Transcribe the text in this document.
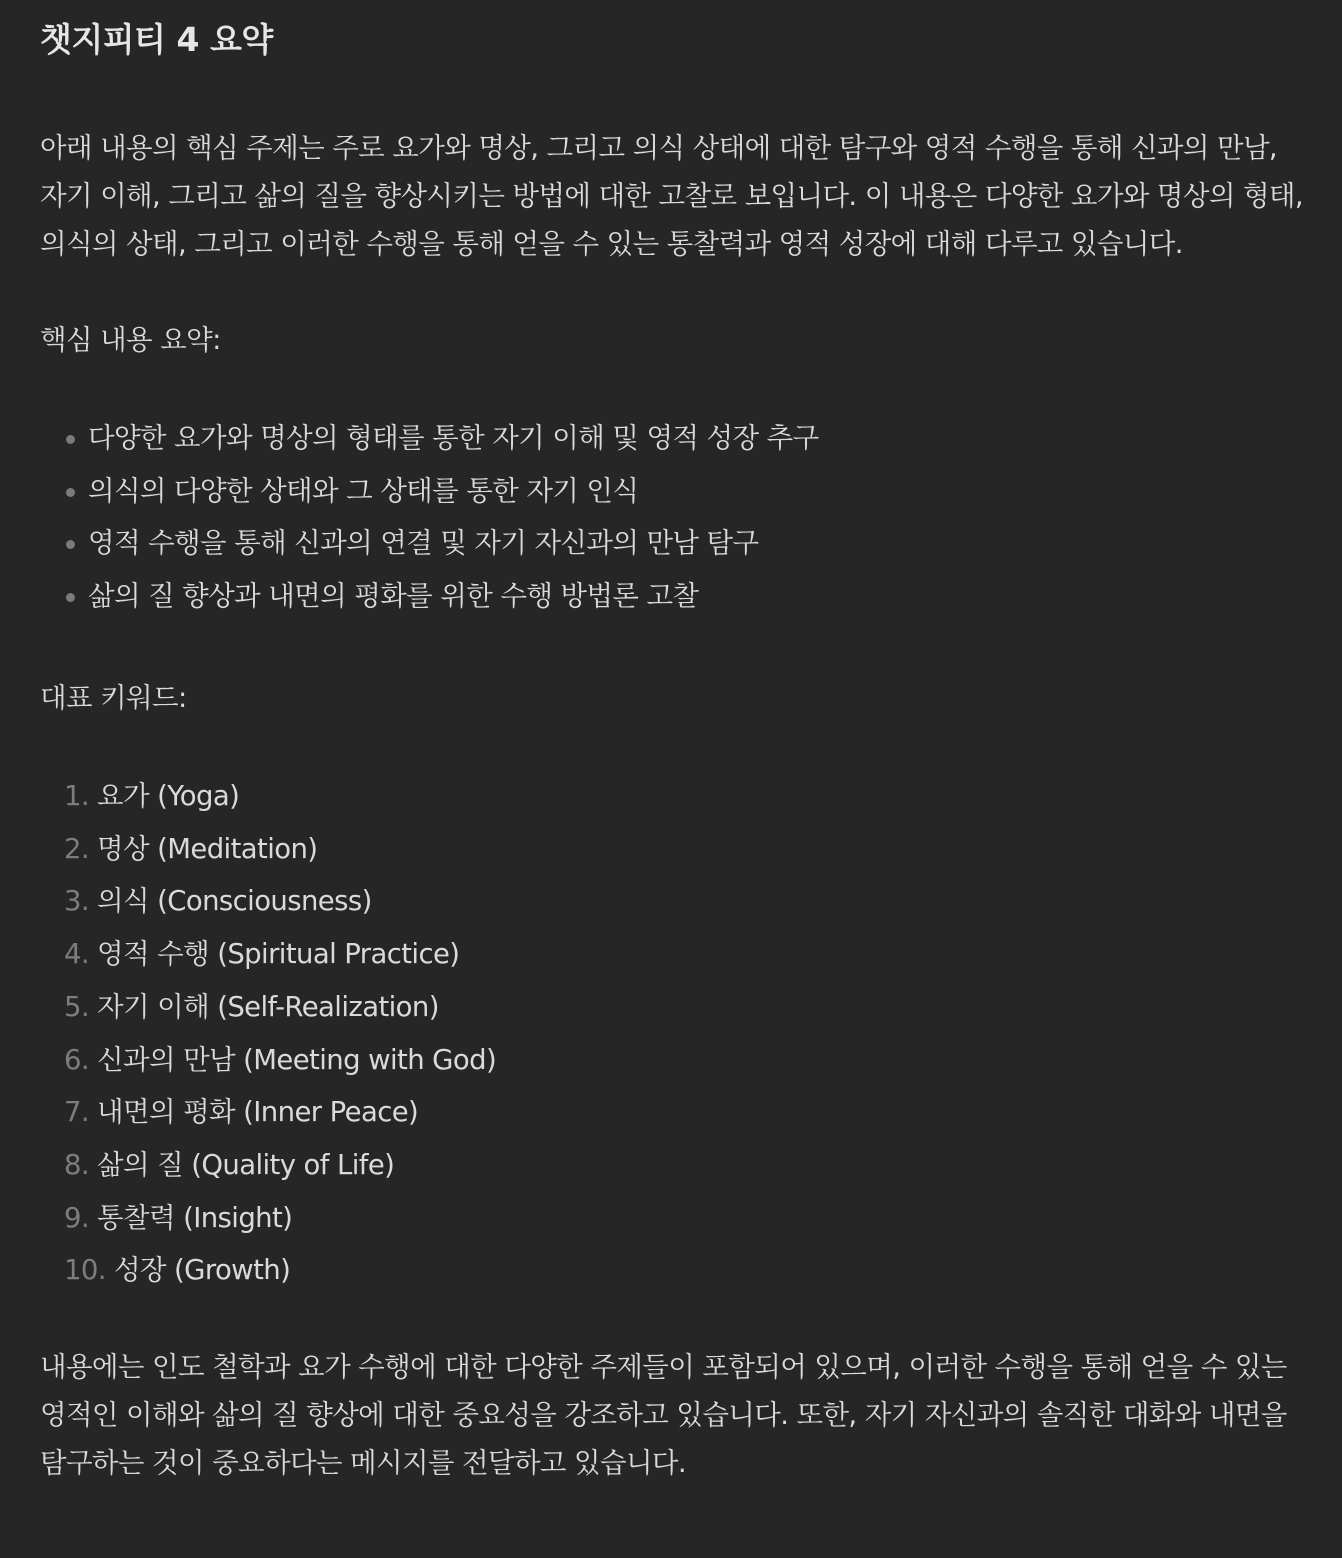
챗지피티 4 요약

아래 내용의 핵심 주제는 주로 요가와 명상, 그리고 의식 상태에 대한 탐구와 영적 수행을 통해 신과의 만남, 자기 이해, 그리고 삶의 질을 향상시키는 방법에 대한 고찰로 보입니다. 이 내용은 다양한 요가와 명상의 형태, 의식의 상태, 그리고 이러한 수행을 통해 얻을 수 있는 통찰력과 영적 성장에 대해 다루고 있습니다.

핵심 내용 요약:

다양한 요가와 명상의 형태를 통한 자기 이해 및 영적 성장 추구
의식의 다양한 상태와 그 상태를 통한 자기 인식
영적 수행을 통해 신과의 연결 및 자기 자신과의 만남 탐구
삶의 질 향상과 내면의 평화를 위한 수행 방법론 고찰

대표 키워드:

1. 요가 (Yoga)
2. 명상 (Meditation)
3. 의식 (Consciousness)
4. 영적 수행 (Spiritual Practice)
5. 자기 이해 (Self-Realization)
6. 신과의 만남 (Meeting with God)
7. 내면의 평화 (Inner Peace)
8. 삶의 질 (Quality of Life)
9. 통찰력 (Insight)
10. 성장 (Growth)

내용에는 인도 철학과 요가 수행에 대한 다양한 주제들이 포함되어 있으며, 이러한 수행을 통해 얻을 수 있는 영적인 이해와 삶의 질 향상에 대한 중요성을 강조하고 있습니다. 또한, 자기 자신과의 솔직한 대화와 내면을 탐구하는 것이 중요하다는 메시지를 전달하고 있습니다.
